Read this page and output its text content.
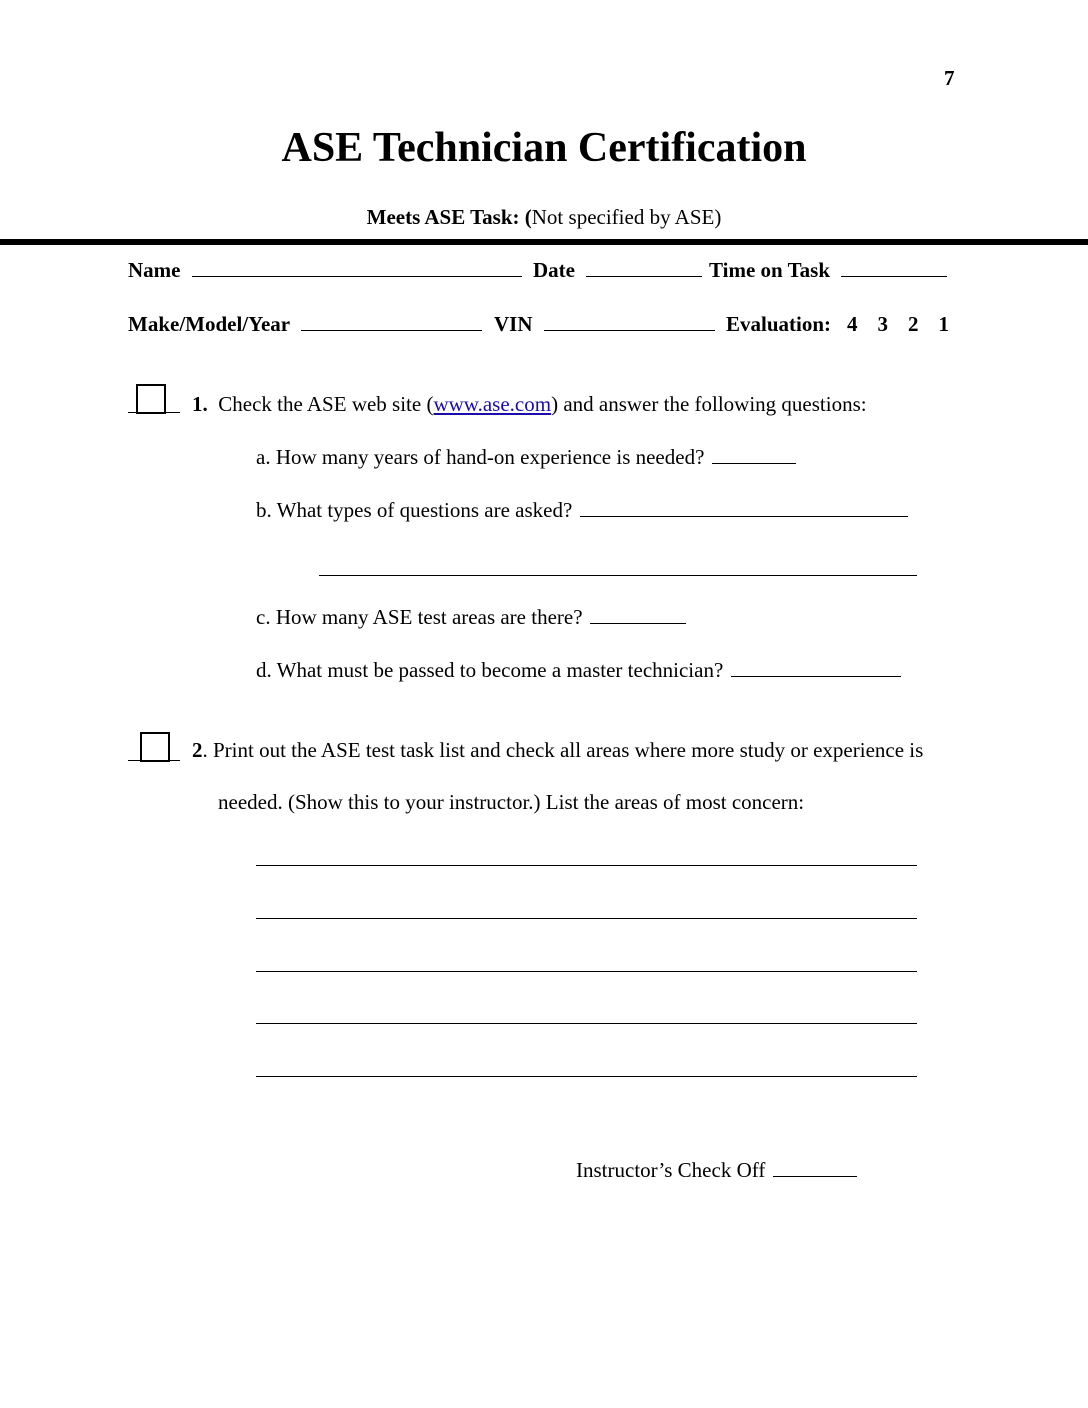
7
ASE Technician Certification
Meets ASE Task: (Not specified by ASE)
Name	Date	Time on Task
Make/Model/Year	VIN	Evaluation: 4 3 2 1
1. Check the ASE web site (www.ase.com) and answer the following questions:
a. How many years of hand-on experience is needed?
b. What types of questions are asked?
c. How many ASE test areas are there?
d. What must be passed to become a master technician?
2. Print out the ASE test task list and check all areas where more study or experience is
needed. (Show this to your instructor.) List the areas of most concern:
Instructor’s Check Off
